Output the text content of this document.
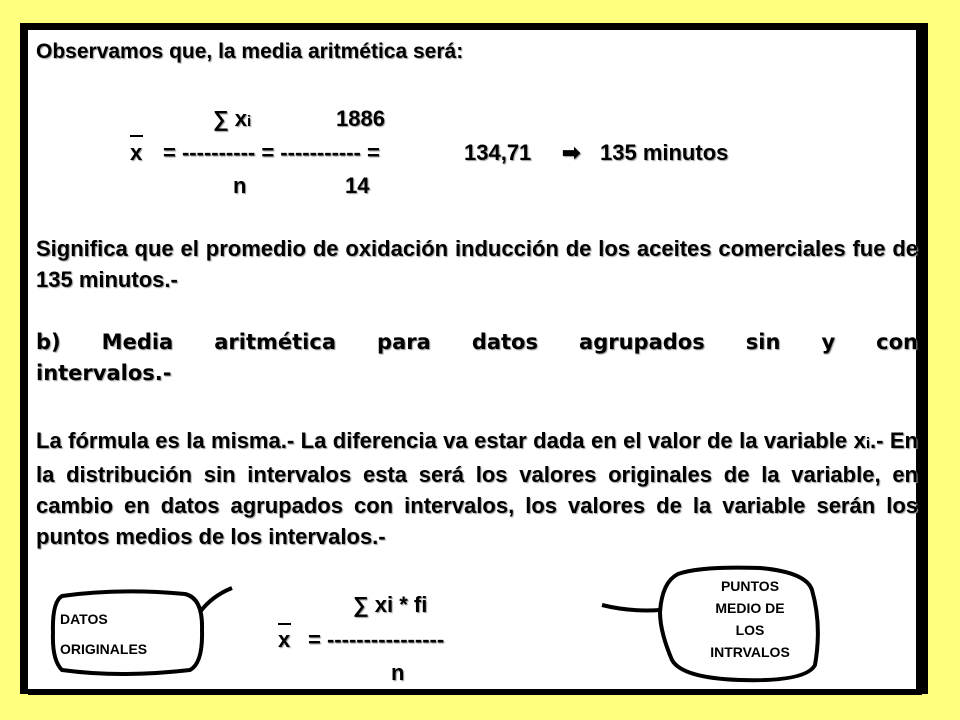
Observamos que, la media aritmética será:
∑ xi	1886
x = ---------- = ----------- =	134,71 ➡ 135 minutos
n	14
Significa que el promedio de oxidación inducción de los aceites comerciales fue de 135 minutos.-
b) Media aritmética para datos agrupados sin y con
intervalos.-
La fórmula es la misma.- La diferencia va estar dada en el valor de la variable xi.- En la distribución sin intervalos esta será los valores originales de la variable, en cambio en datos agrupados con intervalos, los valores de la variable serán los puntos medios de los intervalos.-
DATOS
ORIGINALES
PUNTOS
MEDIO DE
LOS
INTRVALOS
∑ xi * fi
x = ----------------
n
